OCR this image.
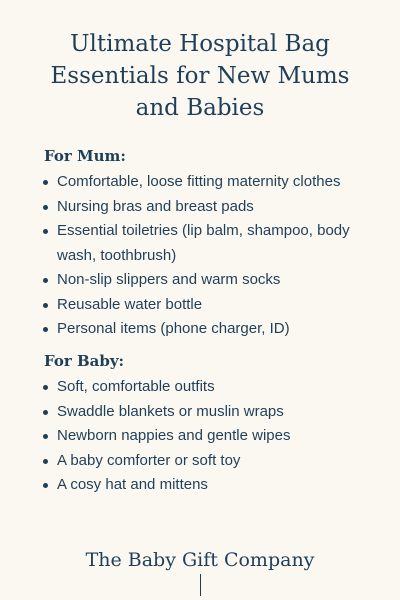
Ultimate Hospital Bag
Essentials for New Mums
and Babies
For Mum:
Comfortable, loose fitting maternity clothes
Nursing bras and breast pads
Essential toiletries (lip balm, shampoo, body wash, toothbrush)
Non-slip slippers and warm socks
Reusable water bottle
Personal items (phone charger, ID)
For Baby:
Soft, comfortable outfits
Swaddle blankets or muslin wraps
Newborn nappies and gentle wipes
A baby comforter or soft toy
A cosy hat and mittens
The Baby Gift Company
